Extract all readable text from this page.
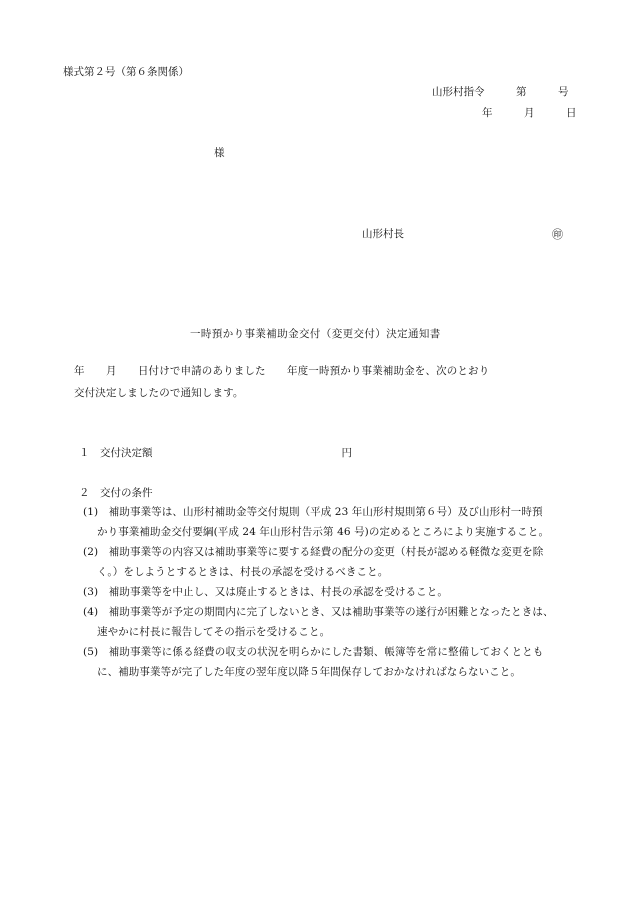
様式第２号（第６条関係）
山形村指令　　　第　　　号
年　　　月　　　日
様
山形村長	㊞
一時預かり事業補助金交付（変更交付）決定通知書
年　　月　　日付けで申請のありました　　年度一時預かり事業補助金を、次のとおり
交付決定しましたので通知します。
１　交付決定額　　　　　　　　　　　　　　　　　　円
２　交付の条件
(1)　補助事業等は、山形村補助金等交付規則（平成 23 年山形村規則第６号）及び山形村一時預
かり事業補助金交付要綱(平成 24 年山形村告示第 46 号)の定めるところにより実施すること。
(2)　補助事業等の内容又は補助事業等に要する経費の配分の変更（村長が認める軽微な変更を除
く。）をしようとするときは、村長の承認を受けるべきこと。
(3)　補助事業等を中止し、又は廃止するときは、村長の承認を受けること。
(4)　補助事業等が予定の期間内に完了しないとき、又は補助事業等の遂行が困難となったときは、
速やかに村長に報告してその指示を受けること。
(5)　補助事業等に係る経費の収支の状況を明らかにした書類、帳簿等を常に整備しておくととも
に、補助事業等が完了した年度の翌年度以降５年間保存しておかなければならないこと。
